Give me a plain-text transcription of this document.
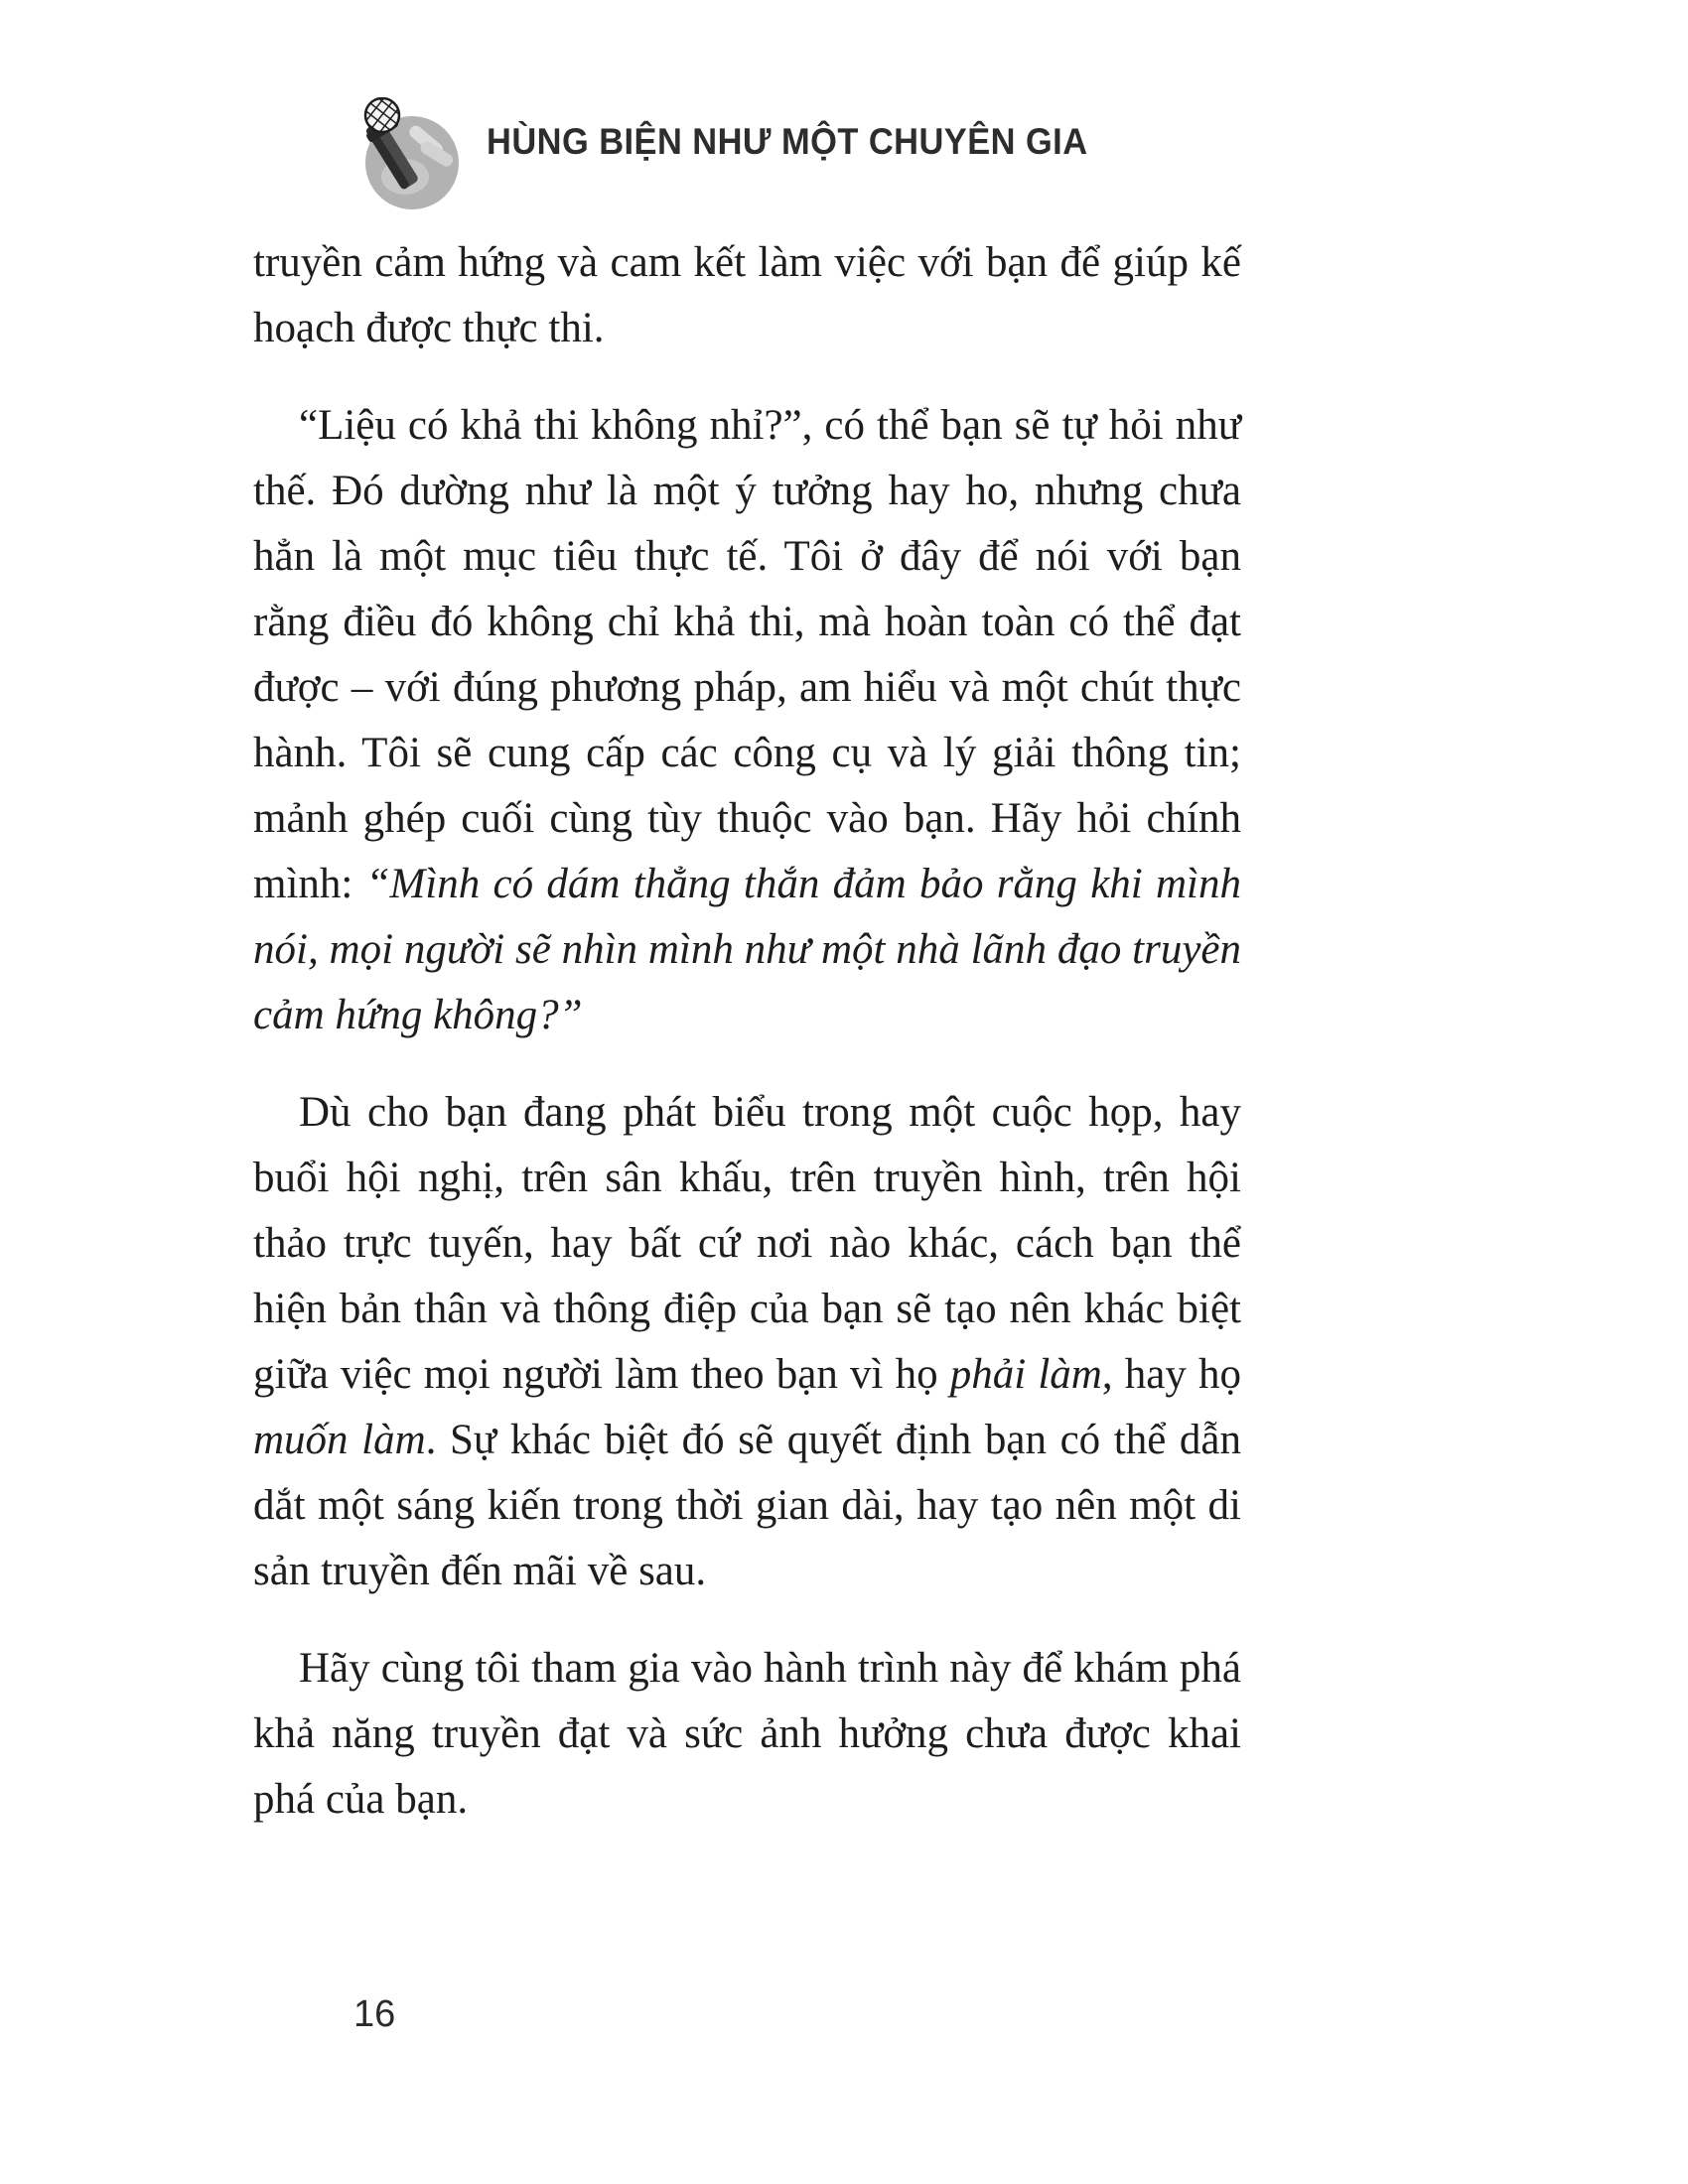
HÙNG BIỆN NHƯ MỘT CHUYÊN GIA

truyền cảm hứng và cam kết làm việc với bạn để giúp kế hoạch được thực thi.

“Liệu có khả thi không nhỉ?”, có thể bạn sẽ tự hỏi như thế. Đó dường như là một ý tưởng hay ho, nhưng chưa hẳn là một mục tiêu thực tế. Tôi ở đây để nói với bạn rằng điều đó không chỉ khả thi, mà hoàn toàn có thể đạt được – với đúng phương pháp, am hiểu và một chút thực hành. Tôi sẽ cung cấp các công cụ và lý giải thông tin; mảnh ghép cuối cùng tùy thuộc vào bạn. Hãy hỏi chính mình: “Mình có dám thẳng thắn đảm bảo rằng khi mình nói, mọi người sẽ nhìn mình như một nhà lãnh đạo truyền cảm hứng không?”

Dù cho bạn đang phát biểu trong một cuộc họp, hay buổi hội nghị, trên sân khấu, trên truyền hình, trên hội thảo trực tuyến, hay bất cứ nơi nào khác, cách bạn thể hiện bản thân và thông điệp của bạn sẽ tạo nên khác biệt giữa việc mọi người làm theo bạn vì họ phải làm, hay họ muốn làm. Sự khác biệt đó sẽ quyết định bạn có thể dẫn dắt một sáng kiến trong thời gian dài, hay tạo nên một di sản truyền đến mãi về sau.

Hãy cùng tôi tham gia vào hành trình này để khám phá khả năng truyền đạt và sức ảnh hưởng chưa được khai phá của bạn.

16
